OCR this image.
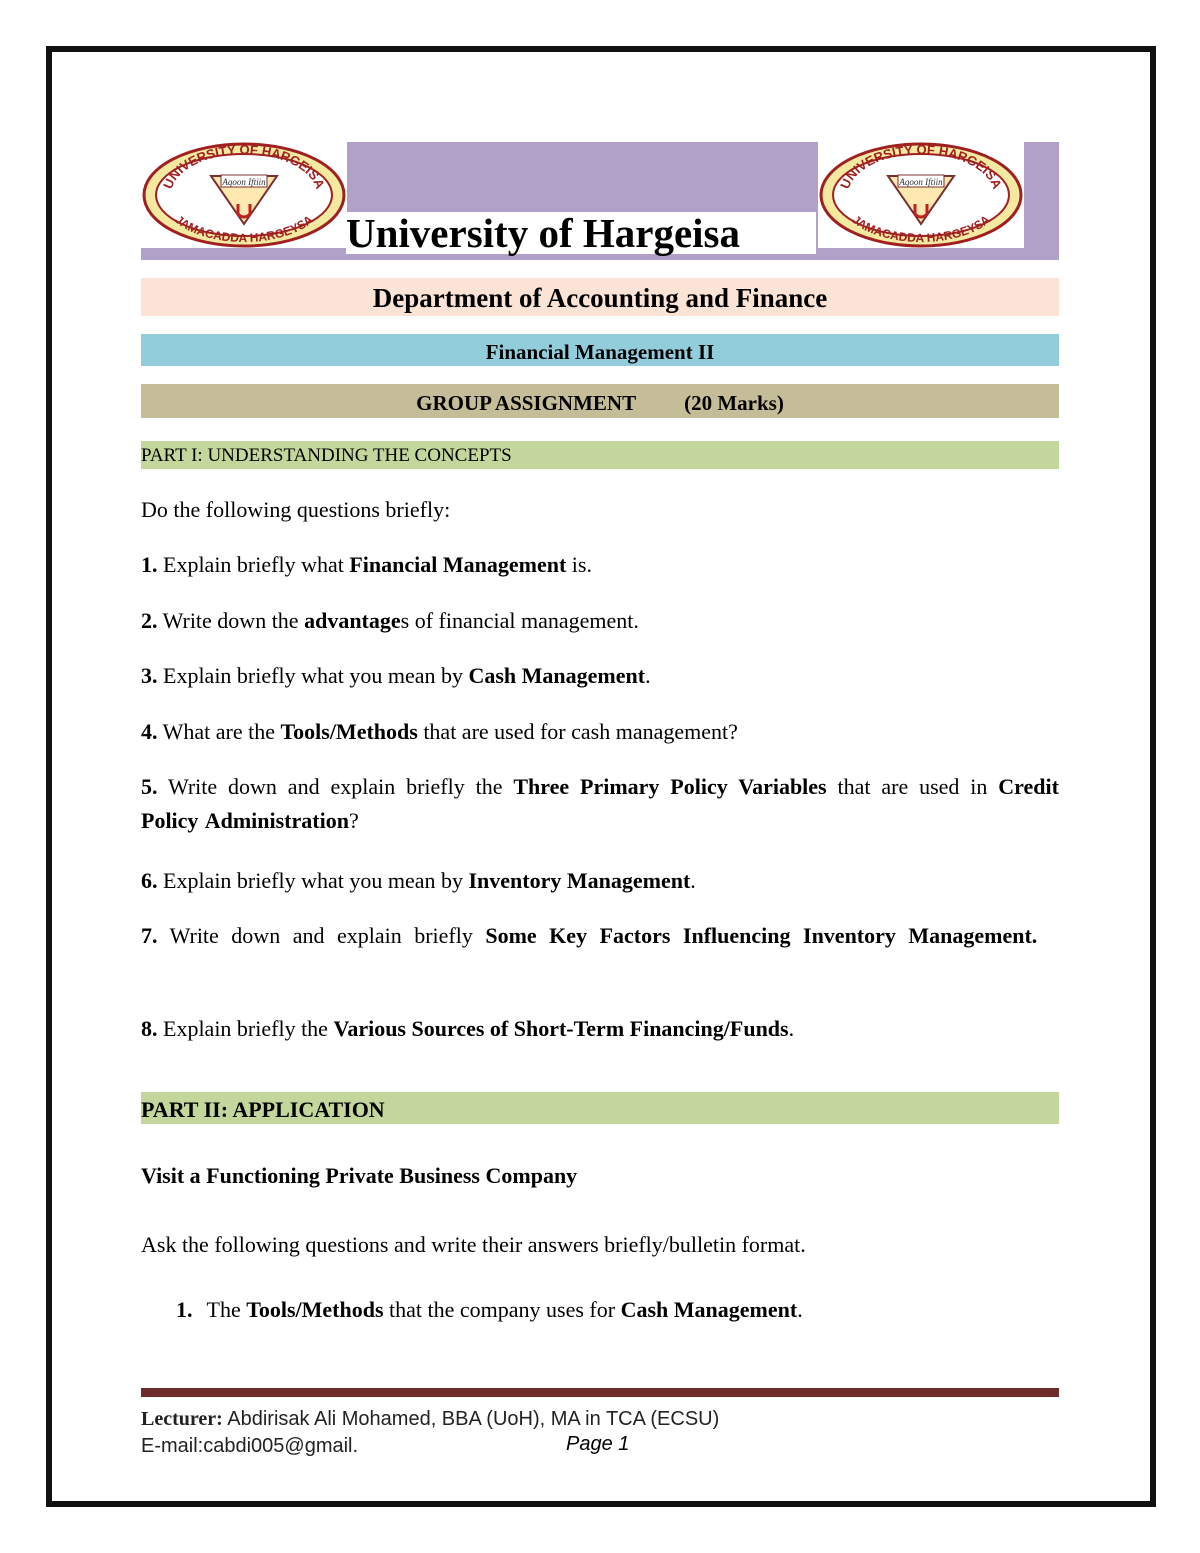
UNIVERSITY OF HARGEISA
JAMACADDA HARGEYSA
Aqoon Iftiin	UNIVERSITY OF HARGEISA
JAMACADDA HARGEYSA
Aqoon Iftiin
University of Hargeisa
Department of Accounting and Finance
Financial Management II
GROUP ASSIGNMENT (20 Marks)
PART I: UNDERSTANDING THE CONCEPTS
Do the following questions briefly:
1. Explain briefly what Financial Management is.
2. Write down the advantages of financial management.
3. Explain briefly what you mean by Cash Management.
4. What are the Tools/Methods that are used for cash management?
5. Write down and explain briefly the Three Primary Policy Variables that are used in Credit Policy Administration?
6. Explain briefly what you mean by Inventory Management.
7. Write down and explain briefly Some Key Factors Influencing Inventory Management.
8. Explain briefly the Various Sources of Short-Term Financing/Funds.
PART II: APPLICATION
Visit a Functioning Private Business Company
Ask the following questions and write their answers briefly/bulletin format.
1. The Tools/Methods that the company uses for Cash Management.
Lecturer: Abdirisak Ali Mohamed, BBA (UoH), MA in TCA (ECSU)
E-mail:cabdi005@gmail.	Page 1
